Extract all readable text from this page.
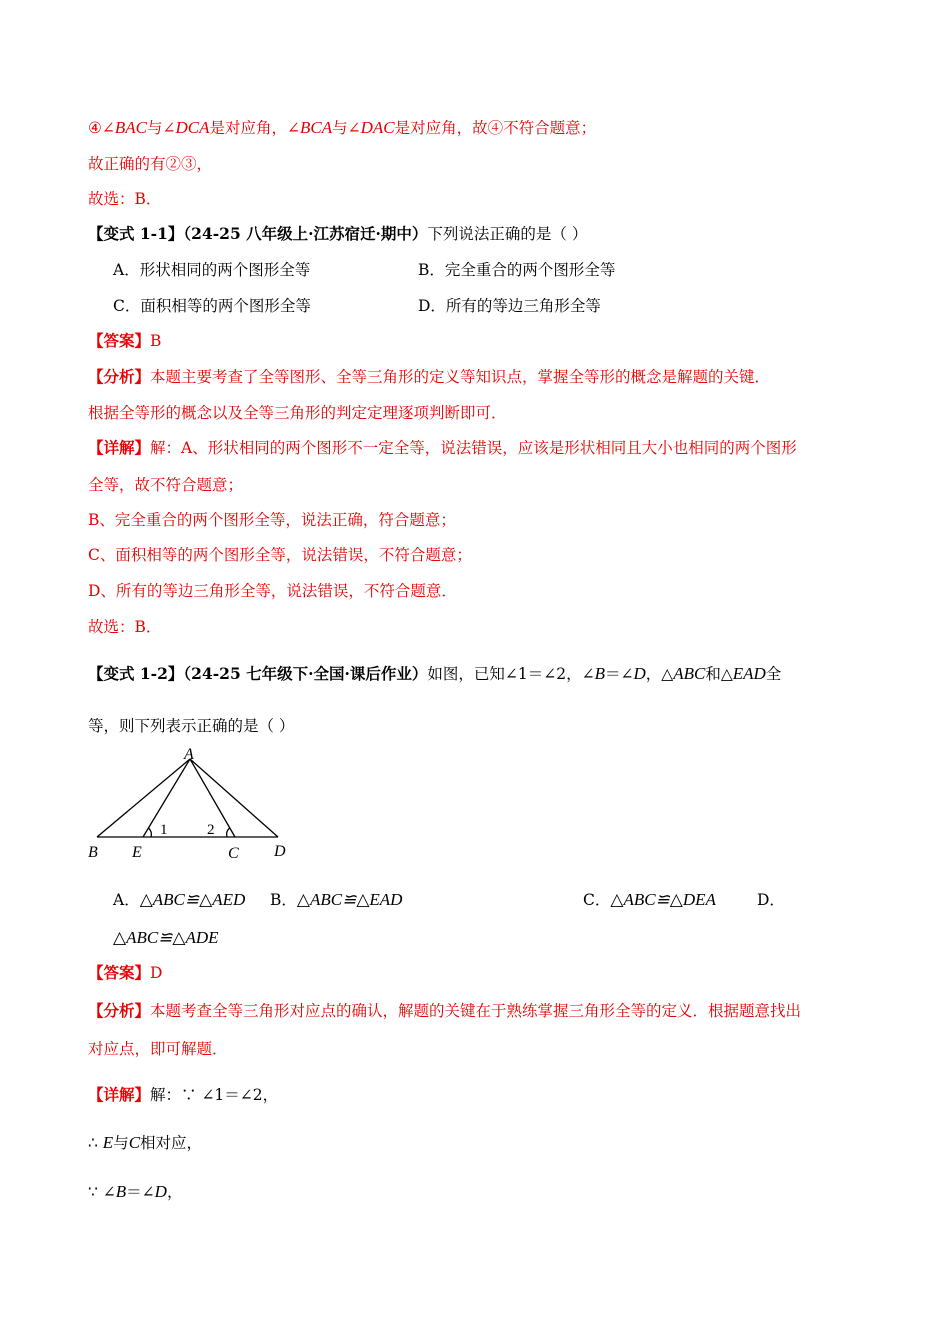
④∠BAC与∠DCA是对应角，∠BCA与∠DAC是对应角，故④不符合题意；
故正确的有②③，
故选：B．
【变式 1-1】（24-25 八年级上·江苏宿迁·期中）下列说法正确的是（ ）
A．形状相同的两个图形全等	B．完全重合的两个图形全等
C．面积相等的两个图形全等	D．所有的等边三角形全等
【答案】B
【分析】本题主要考查了全等图形、全等三角形的定义等知识点，掌握全等形的概念是解题的关键．
根据全等形的概念以及全等三角形的判定定理逐项判断即可．
【详解】解：A、形状相同的两个图形不一定全等，说法错误，应该是形状相同且大小也相同的两个图形
全等，故不符合题意；
B、完全重合的两个图形全等，说法正确，符合题意；
C、面积相等的两个图形全等，说法错误，不符合题意；
D、所有的等边三角形全等，说法错误，不符合题意．
故选：B．
【变式 1-2】（24-25 七年级下·全国·课后作业）如图，已知∠1＝∠2，∠B＝∠D，△ABC和△EAD全
等，则下列表示正确的是（ ）
A
B E	C D
1	2
A．△ABC≌△AED B．△ABC≌△EAD	C．△ABC≌△DEA	D．
△ABC≌△ADE
【答案】D
【分析】本题考查全等三角形对应点的确认，解题的关键在于熟练掌握三角形全等的定义．根据题意找出
对应点，即可解题．
【详解】解：∵ ∠1＝∠2，
∴ E与C相对应，
∵ ∠B＝∠D，
